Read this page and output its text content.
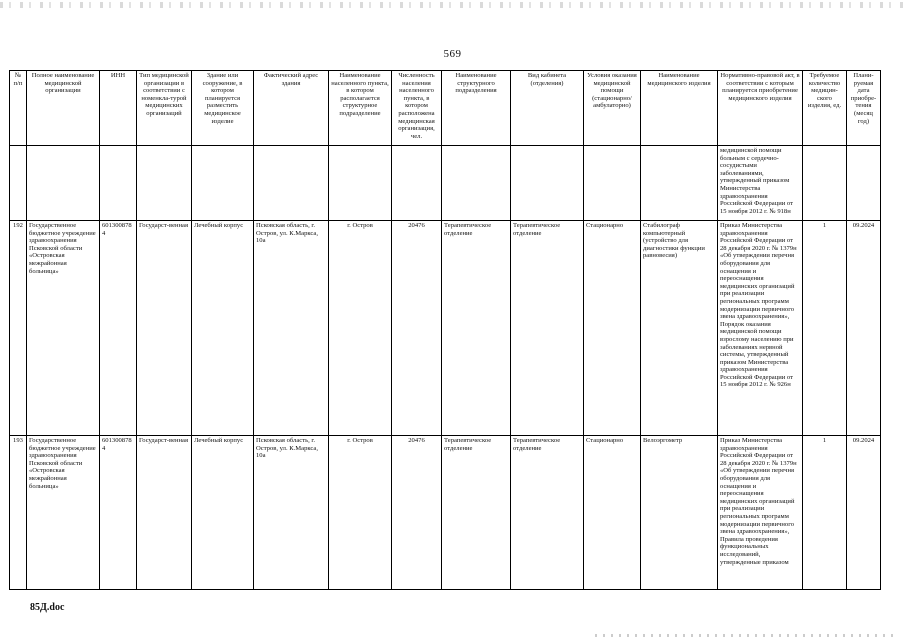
569
№ п/п	Полное наименование медицинской организации	ИНН	Тип медицинской организации в соответствии с номенкла-турой медицинских организаций	Здание или сооружение, в котором планируется разместить медицинское изделие	Фактический адрес здания	Наименование населенного пункта, в котором располагается структурное подразделение	Численность населения населенного пункта, в котором расположена медицинская организация, чел.	Наименование структурного подразделения	Вид кабинета (отделения)	Условия оказания медицинской помощи (стационарно/ амбулаторно)	Наименование медицинского изделия	Нормативно-правовой акт, в соответствии с которым планируется приобретение медицинского изделия	Требуемое количество медицин-ского изделия, ед.	Плани-руемая дата приобре-тения (месяц год)
												медицинской помощи больным с сердечно-сосудистыми заболеваниями, утвержденный приказом Министерства здравоохранения Российской Федерации от 15 ноября 2012 г. № 918н		
192	Государственное бюджетное учреждение здравоохранения Псковской области «Островская межрайонная больница»	6013008784	Государст-венная	Лечебный корпус	Псковская область, г. Остров, ул. К.Маркса, 10а	г. Остров	20476	Терапевтическое отделение	Терапевтическое отделение	Стационарно	Стабилограф компьютерный (устройство для диагностики функции равновесия)	Приказ Министерства здравоохранения Российской Федерации от 28 декабря 2020 г. № 1379н «Об утверждении перечня оборудования для оснащения и переоснащения медицинских организаций при реализации региональных программ модернизации первичного звена здравоохранения», Порядок оказания медицинской помощи взрослому населению при заболеваниях нервной системы, утвержденный приказом Министерства здравоохранения Российской Федерации от 15 ноября 2012 г. № 926н	1	09.2024
193	Государственное бюджетное учреждение здравоохранения Псковской области «Островская межрайонная больница»	6013008784	Государст-венная	Лечебный корпус	Псковская область, г. Остров, ул. К.Маркса, 10а	г. Остров	20476	Терапевтическое отделение	Терапевтическое отделение	Стационарно	Велоэргометр	Приказ Министерства здравоохранения Российской Федерации от 28 декабря 2020 г. № 1379н «Об утверждении перечня оборудования для оснащения и переоснащения медицинских организаций при реализации региональных программ модернизации первичного звена здравоохранения», Правила проведения функциональных исследований, утвержденные приказом	1	09.2024
85Д.doc
